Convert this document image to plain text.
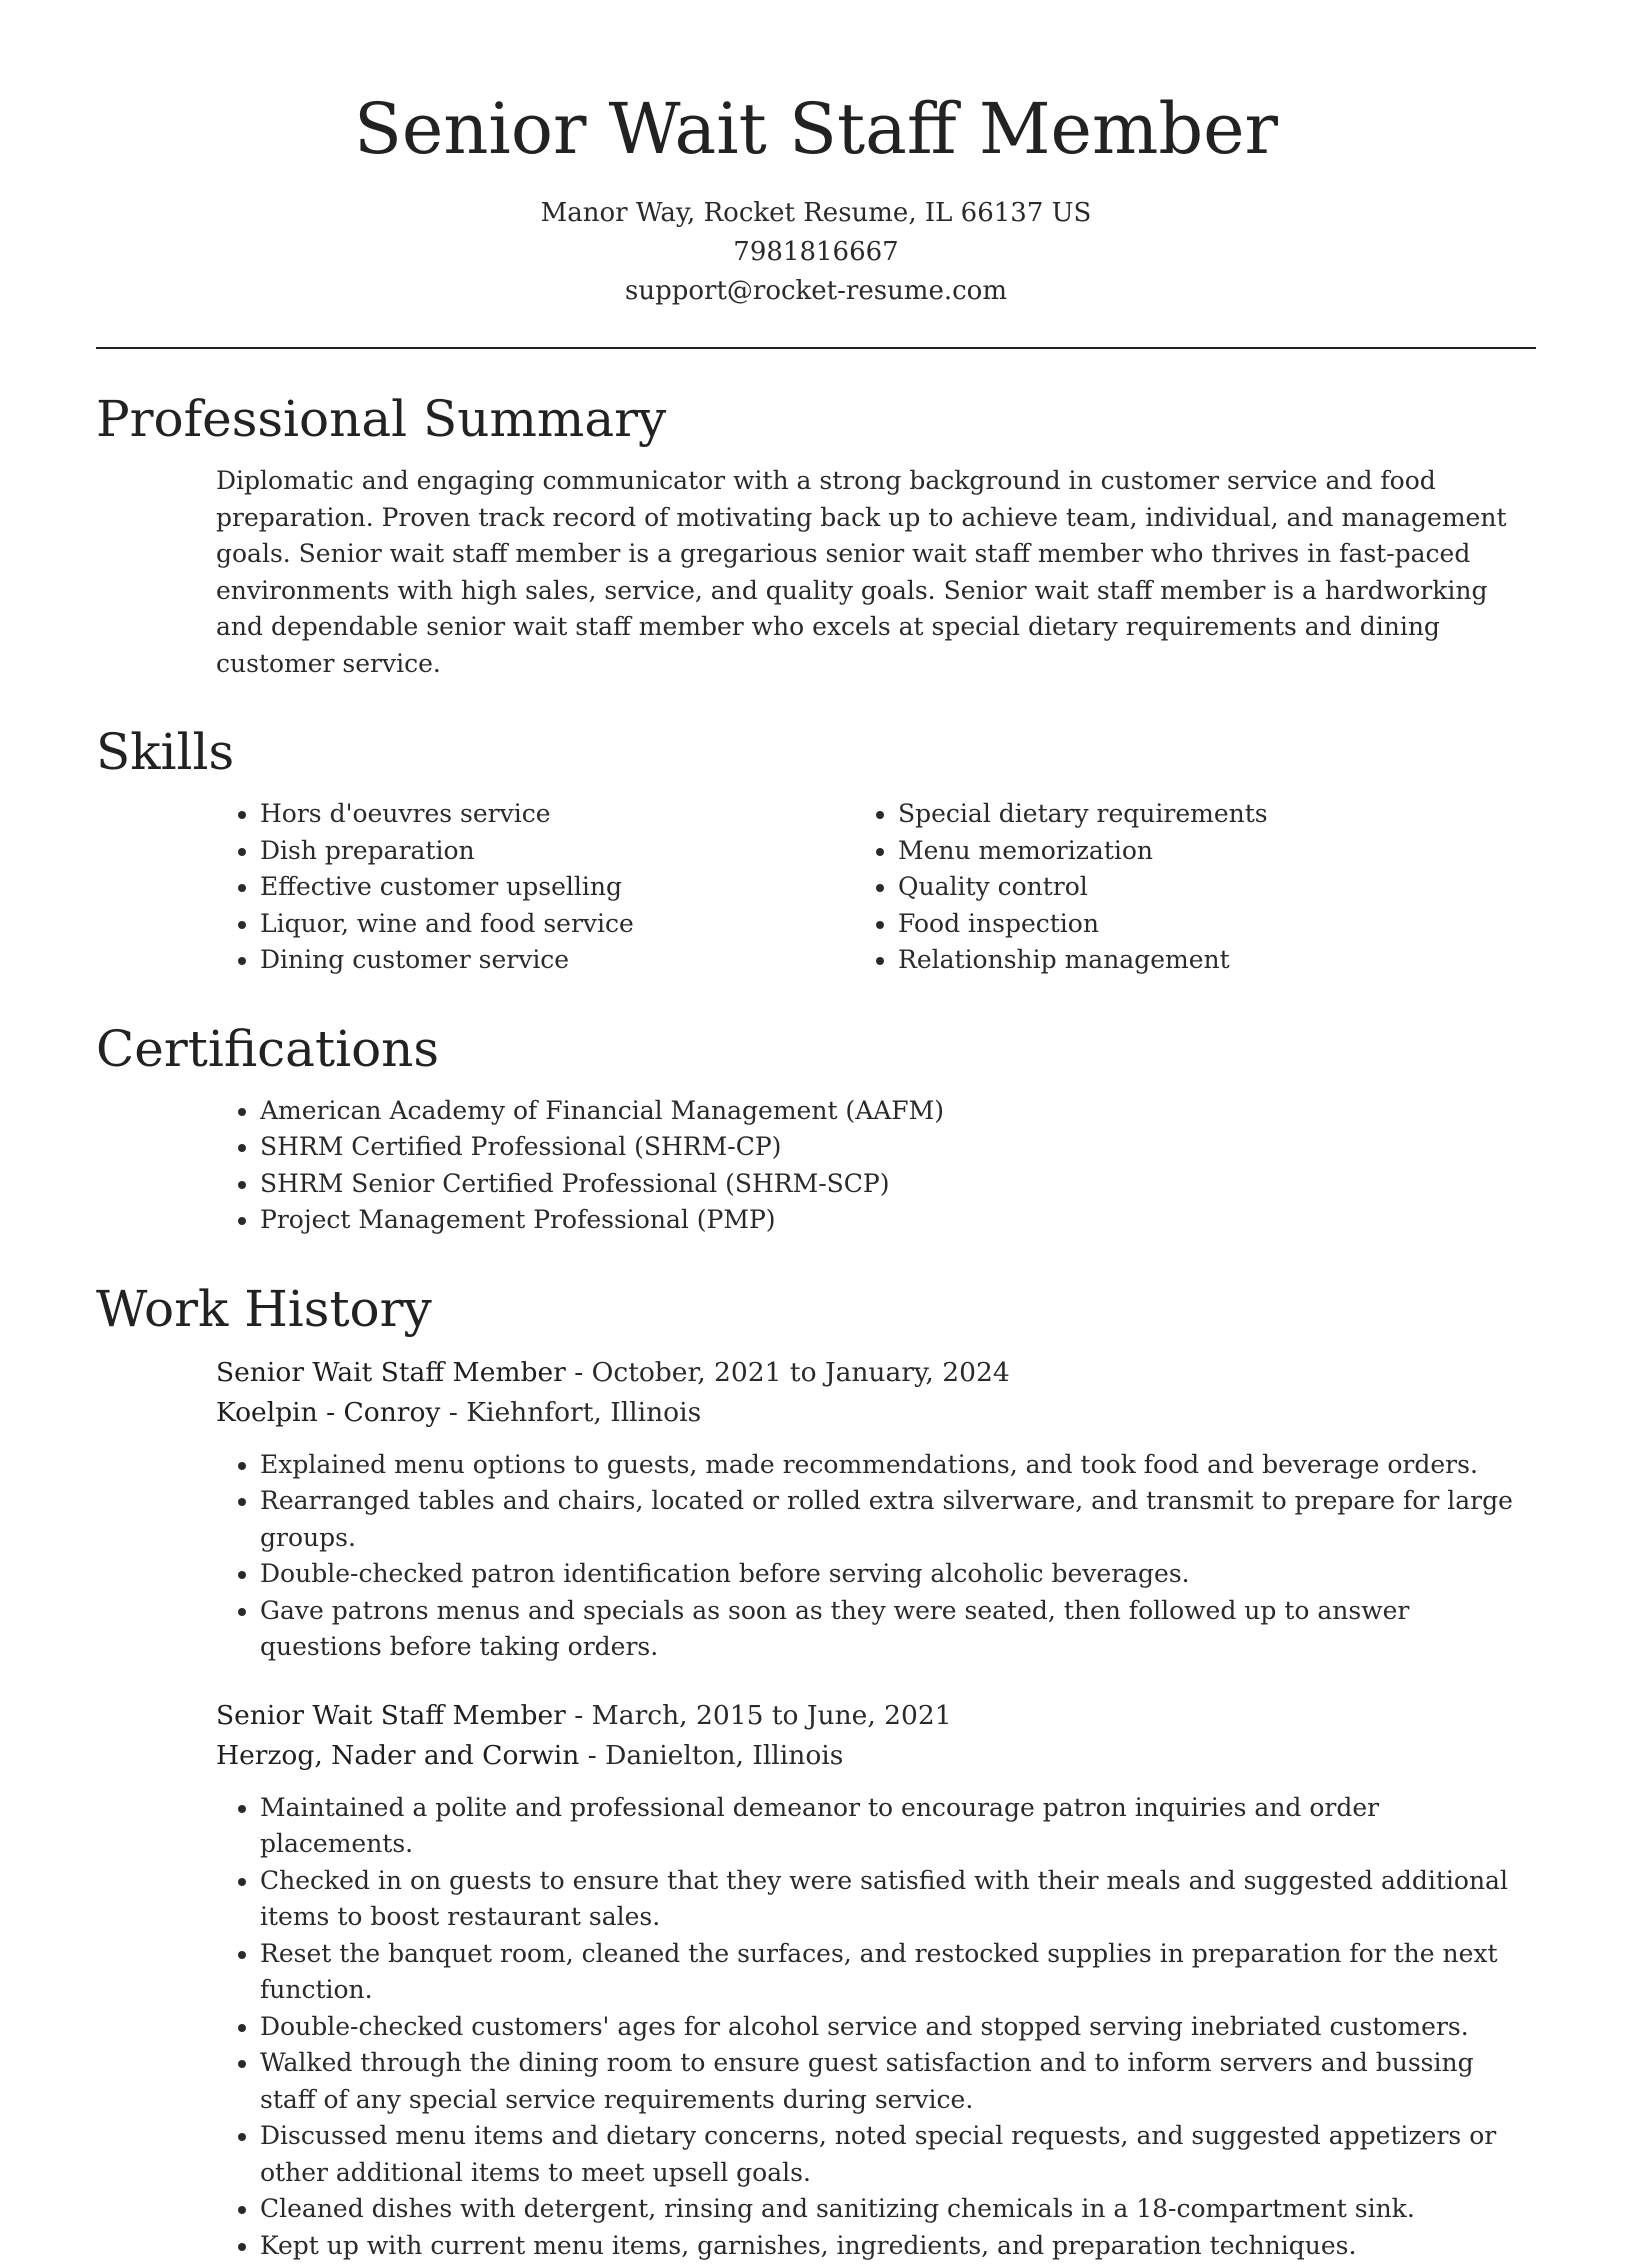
Senior Wait Staff Member
Manor Way, Rocket Resume, IL 66137 US
7981816667
support@rocket-resume.com
Professional Summary

Diplomatic and engaging communicator with a strong background in customer service and food preparation. Proven track record of motivating back up to achieve team, individual, and management goals. Senior wait staff member is a gregarious senior wait staff member who thrives in fast-paced environments with high sales, service, and quality goals. Senior wait staff member is a hardworking and dependable senior wait staff member who excels at special dietary requirements and dining customer service.

Skills
• Hors d'oeuvres service
• Dish preparation
• Effective customer upselling
• Liquor, wine and food service
• Dining customer service
• Special dietary requirements
• Menu memorization
• Quality control
• Food inspection
• Relationship management
Certifications
• American Academy of Financial Management (AAFM)
• SHRM Certified Professional (SHRM-CP)
• SHRM Senior Certified Professional (SHRM-SCP)
• Project Management Professional (PMP)
Work History
Senior Wait Staff Member - October, 2021 to January, 2024
Koelpin - Conroy - Kiehnfort, Illinois
• Explained menu options to guests, made recommendations, and took food and beverage orders.
• Rearranged tables and chairs, located or rolled extra silverware, and transmit to prepare for large groups.
• Double-checked patron identification before serving alcoholic beverages.
• Gave patrons menus and specials as soon as they were seated, then followed up to answer questions before taking orders.
Senior Wait Staff Member - March, 2015 to June, 2021
Herzog, Nader and Corwin - Danielton, Illinois
• Maintained a polite and professional demeanor to encourage patron inquiries and order placements.
• Checked in on guests to ensure that they were satisfied with their meals and suggested additional items to boost restaurant sales.
• Reset the banquet room, cleaned the surfaces, and restocked supplies in preparation for the next function.
• Double-checked customers' ages for alcohol service and stopped serving inebriated customers.
• Walked through the dining room to ensure guest satisfaction and to inform servers and bussing staff of any special service requirements during service.
• Discussed menu items and dietary concerns, noted special requests, and suggested appetizers or other additional items to meet upsell goals.
• Cleaned dishes with detergent, rinsing and sanitizing chemicals in a 18-compartment sink.
• Kept up with current menu items, garnishes, ingredients, and preparation techniques.
